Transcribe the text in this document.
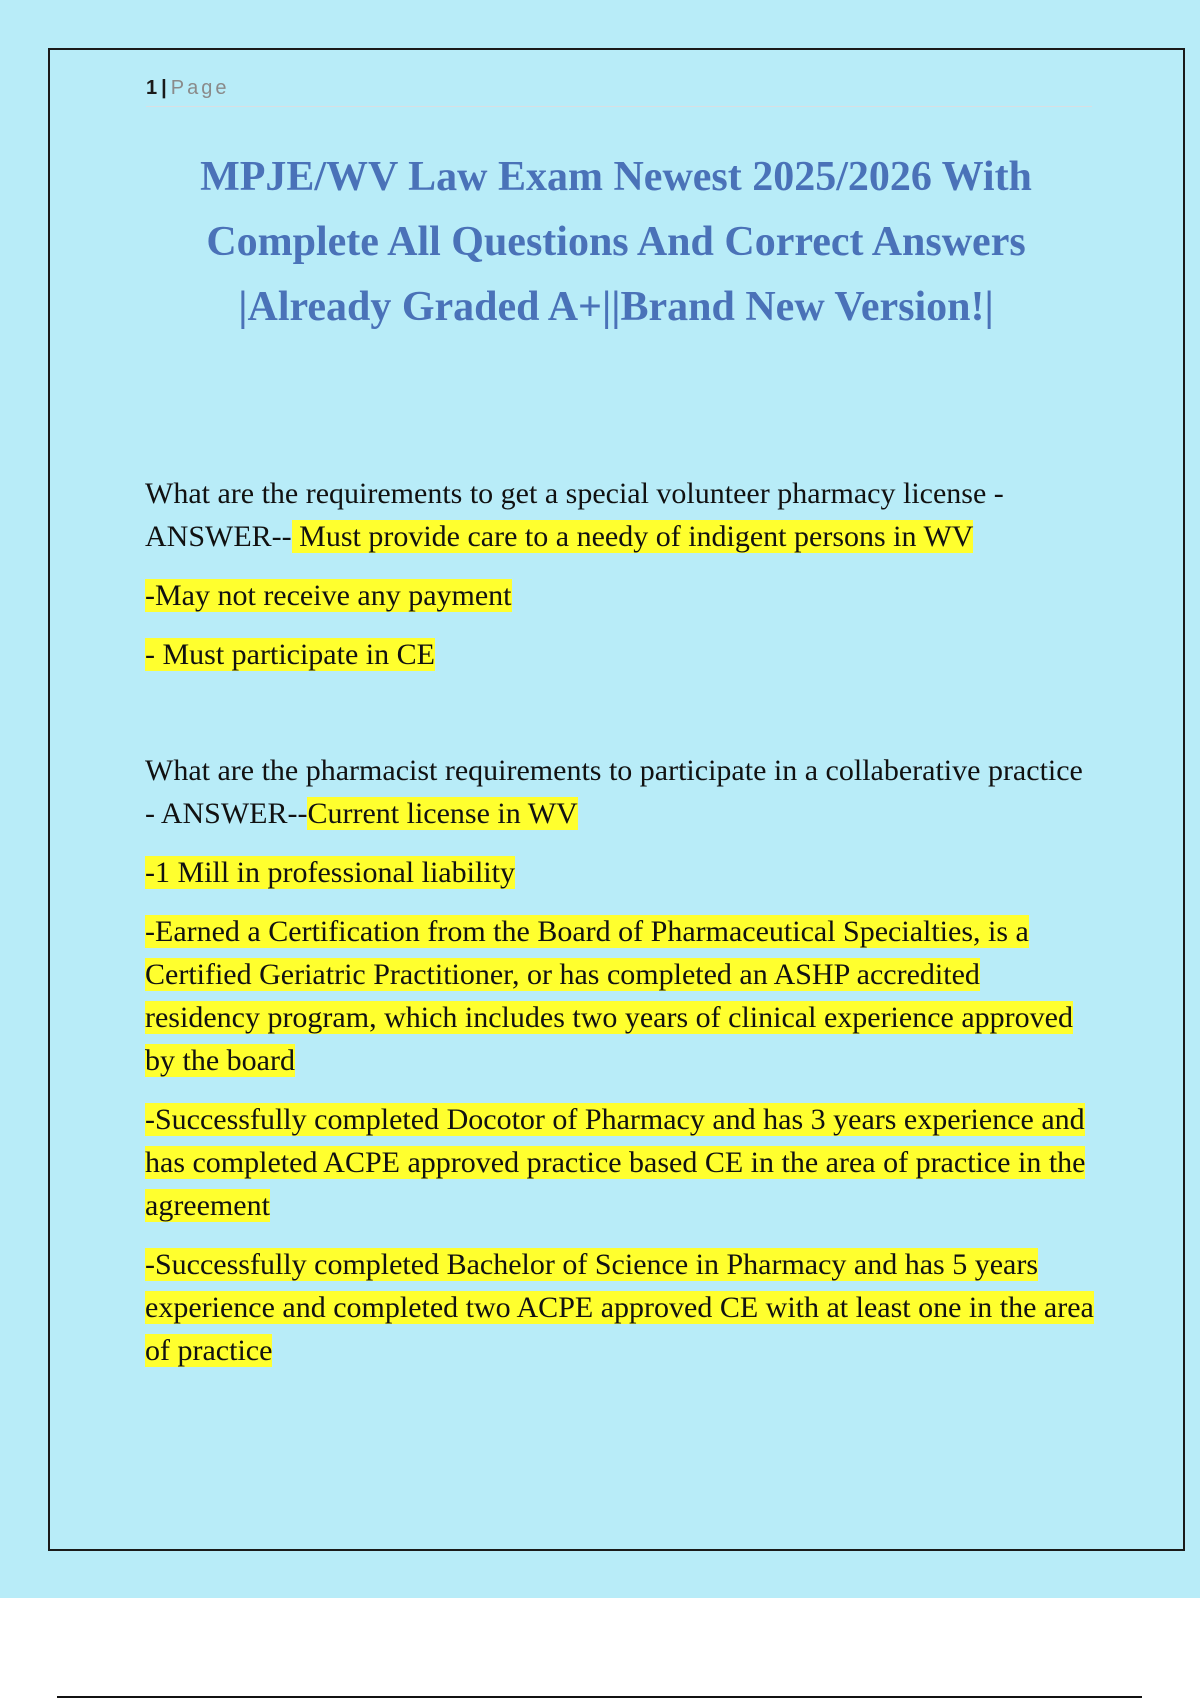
1 | Page
MPJE/WV Law Exam Newest 2025/2026 With
Complete All Questions And Correct Answers
|Already Graded A+||Brand New Version!|

What are the requirements to get a special volunteer pharmacy license - ANSWER-- Must provide care to a needy of indigent persons in WV

-May not receive any payment

- Must participate in CE

What are the pharmacist requirements to participate in a collaberative practice - ANSWER--Current license in WV

-1 Mill in professional liability

-Earned a Certification from the Board of Pharmaceutical Specialties, is a Certified Geriatric Practitioner, or has completed an ASHP accredited residency program, which includes two years of clinical experience approved by the board

-Successfully completed Docotor of Pharmacy and has 3 years experience and has completed ACPE approved practice based CE in the area of practice in the agreement

-Successfully completed Bachelor of Science in Pharmacy and has 5 years experience and completed two ACPE approved CE with at least one in the area of practice
